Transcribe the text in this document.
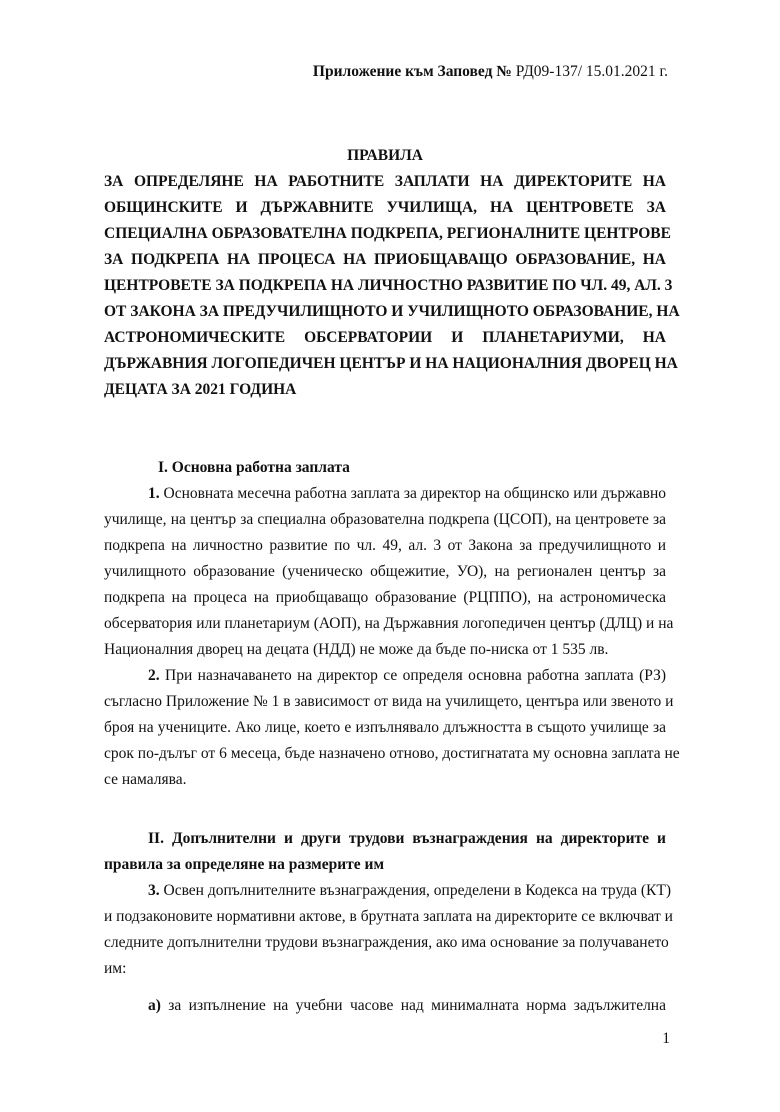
Приложение към Заповед № РД09-137/ 15.01.2021 г.

ПРАВИЛА

ЗА ОПРЕДЕЛЯНЕ НА РАБОТНИТЕ ЗАПЛАТИ НА ДИРЕКТОРИТЕ НА

ОБЩИНСКИТЕ И ДЪРЖАВНИТЕ УЧИЛИЩА, НА ЦЕНТРОВЕТЕ ЗА

СПЕЦИАЛНА ОБРАЗОВАТЕЛНА ПОДКРЕПА, РЕГИОНАЛНИТЕ ЦЕНТРОВЕ

ЗА ПОДКРЕПА НА ПРОЦЕСА НА ПРИОБЩАВАЩО ОБРАЗОВАНИЕ, НА

ЦЕНТРОВЕТЕ ЗА ПОДКРЕПА НА ЛИЧНОСТНО РАЗВИТИЕ ПО ЧЛ. 49, АЛ. 3

ОТ ЗАКОНА ЗА ПРЕДУЧИЛИЩНОТО И УЧИЛИЩНОТО ОБРАЗОВАНИЕ, НА

АСТРОНОМИЧЕСКИТЕ ОБСЕРВАТОРИИ И ПЛАНЕТАРИУМИ, НА

ДЪРЖАВНИЯ ЛОГОПЕДИЧЕН ЦЕНТЪР И НА НАЦИОНАЛНИЯ ДВОРЕЦ НА

ДЕЦАТА ЗА 2021 ГОДИНА

I. Основна работна заплата

1. Основната месечна работна заплата за директор на общинско или държавно
училище, на център за специална образователна подкрепа (ЦСОП), на центровете за
подкрепа на личностно развитие по чл. 49, ал. 3 от Закона за предучилищното и
училищното образование (ученическо общежитие, УО), на регионален център за
подкрепа на процеса на приобщаващо образование (РЦППО), на астрономическа
обсерватория или планетариум (АОП), на Държавния логопедичен център (ДЛЦ) и на
Националния дворец на децата (НДД) не може да бъде по-ниска от 1 535 лв.

2. При назначаването на директор се определя основна работна заплата (РЗ)
съгласно Приложение № 1 в зависимост от вида на училището, центъра или звеното и
броя на учениците. Ако лице, което е изпълнявало длъжността в същото училище за
срок по-дълъг от 6 месеца, бъде назначено отново, достигнатата му основна заплата не
се намалява.

II. Допълнителни и други трудови възнаграждения на директорите и
правила за определяне на размерите им

3. Освен допълнителните възнаграждения, определени в Кодекса на труда (КТ)
и подзаконовите нормативни актове, в брутната заплата на директорите се включват и
следните допълнителни трудови възнаграждения, ако има основание за получаването
им:

а) за изпълнение на учебни часове над минималната норма задължителна

1
